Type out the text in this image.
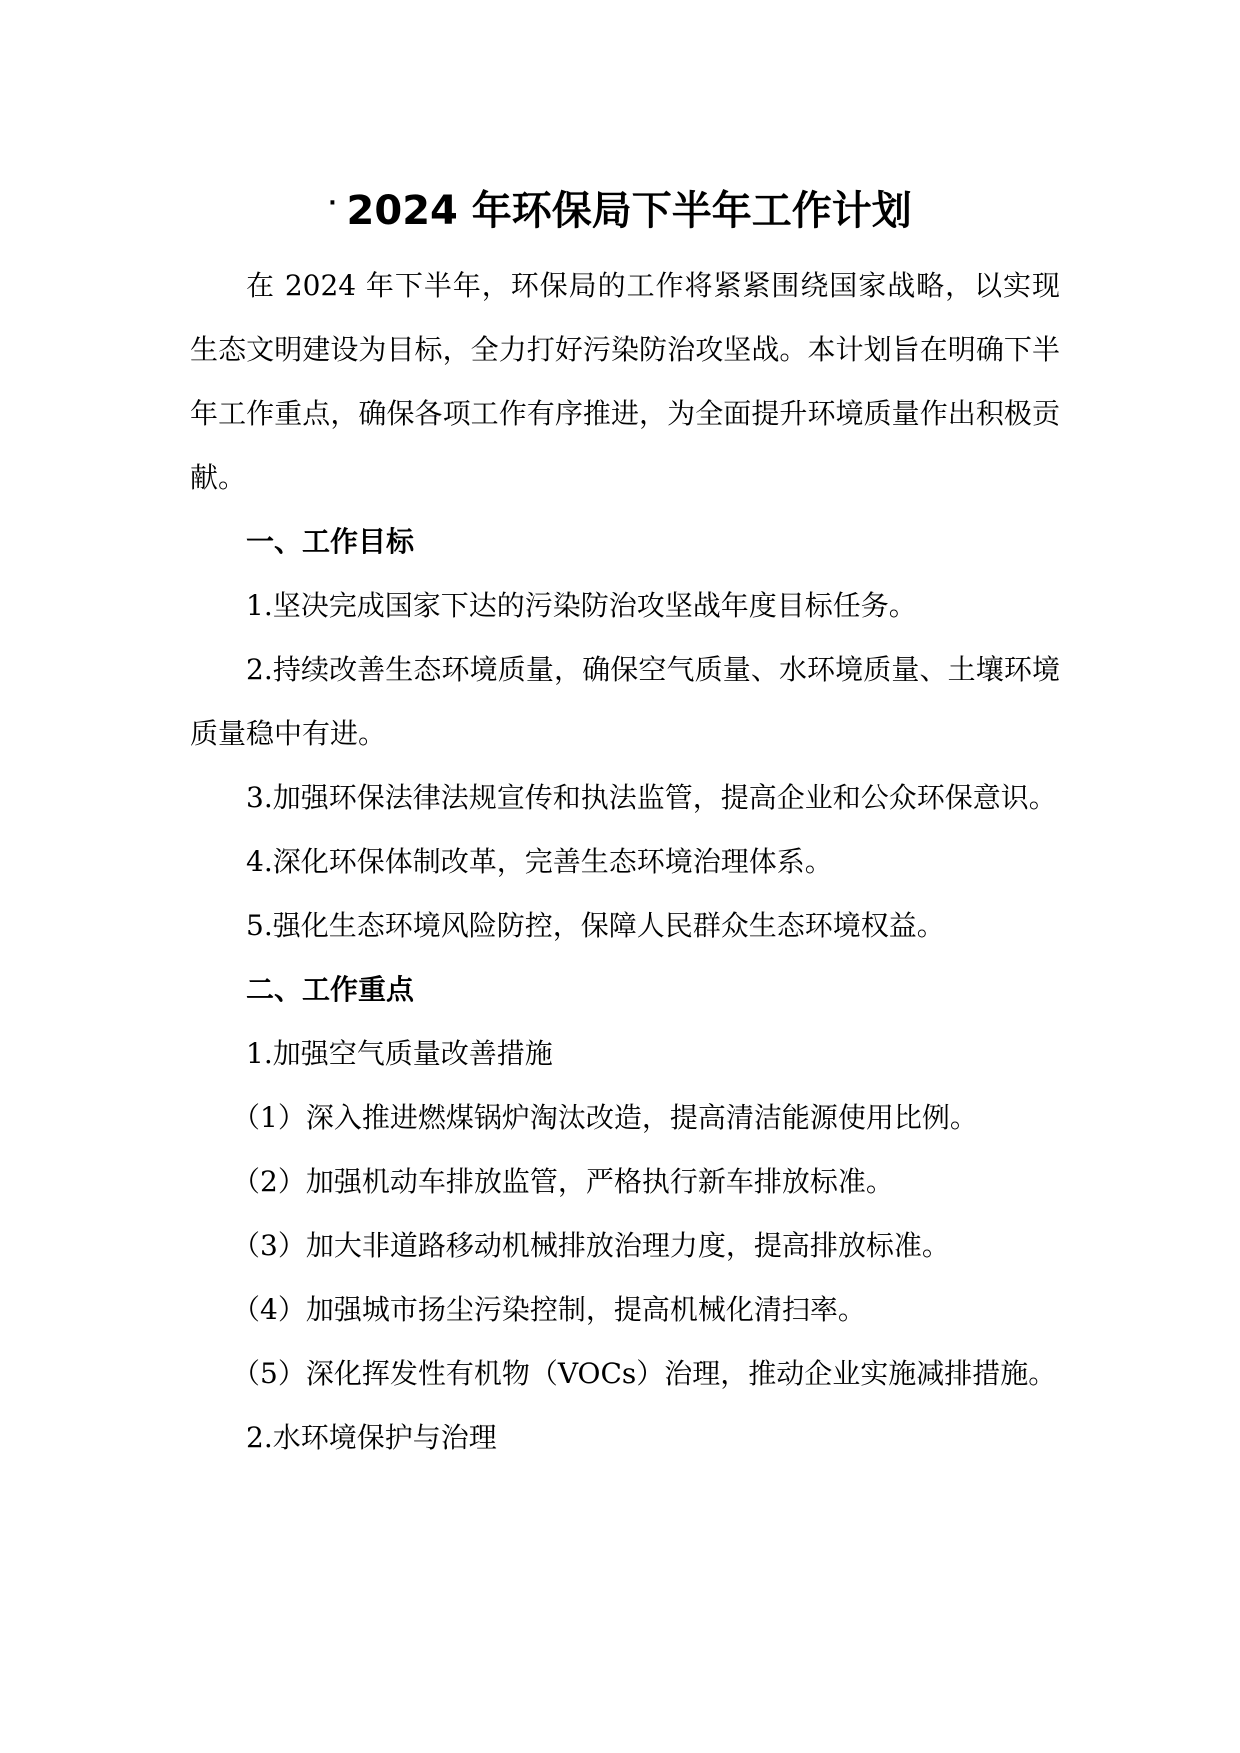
· 2024 年环保局下半年工作计划

在 2024 年下半年，环保局的工作将紧紧围绕国家战略，以实现生态文明建设为目标，全力打好污染防治攻坚战。本计划旨在明确下半年工作重点，确保各项工作有序推进，为全面提升环境质量作出积极贡献。

一、工作目标

1.坚决完成国家下达的污染防治攻坚战年度目标任务。

2.持续改善生态环境质量，确保空气质量、水环境质量、土壤环境质量稳中有进。

3.加强环保法律法规宣传和执法监管，提高企业和公众环保意识。

4.深化环保体制改革，完善生态环境治理体系。

5.强化生态环境风险防控，保障人民群众生态环境权益。

二、工作重点

1.加强空气质量改善措施

（1）深入推进燃煤锅炉淘汰改造，提高清洁能源使用比例。

（2）加强机动车排放监管，严格执行新车排放标准。

（3）加大非道路移动机械排放治理力度，提高排放标准。

（4）加强城市扬尘污染控制，提高机械化清扫率。

（5）深化挥发性有机物（VOCs）治理，推动企业实施减排措施。

2.水环境保护与治理
